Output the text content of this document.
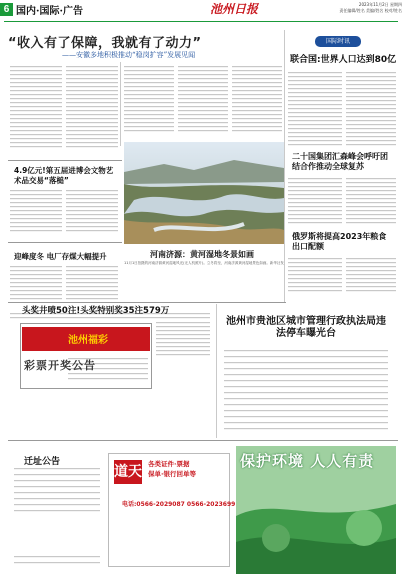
6 国内·国际·广告	池州日报	2023年11月2日 星期四
责任编辑/姓名 美编/姓名 校对/姓名
“收入有了保障，我就有了动力”
——安徽多地积极推动“稳岗扩容”发展见闻
4.9亿元!第五届进博会文物艺术品交易“落槌”
迎峰度冬 电厂存煤大幅提升
头奖井喷50注!头奖特别奖35注579万
河南济源：黄河湿地冬景如画
11月1日拍摄的河南济源黄河湿地风光(无人机照片)。立冬将至，河南济源黄河湿地景色如画。新华社发
国际时讯
联合国:世界人口达到80亿
二十国集团汇森峰会呼吁团结合作推动全球复苏
俄罗斯将提高2023年粮食出口配额
池州福彩
彩票开奖公告
池州市贵池区城市管理行政执法局违法停车曝光台
迁址公告
道天 各类证件·票据
保单·银行回单等
电话:0566-2029087 0566-2023699
保护环境 人人有责
